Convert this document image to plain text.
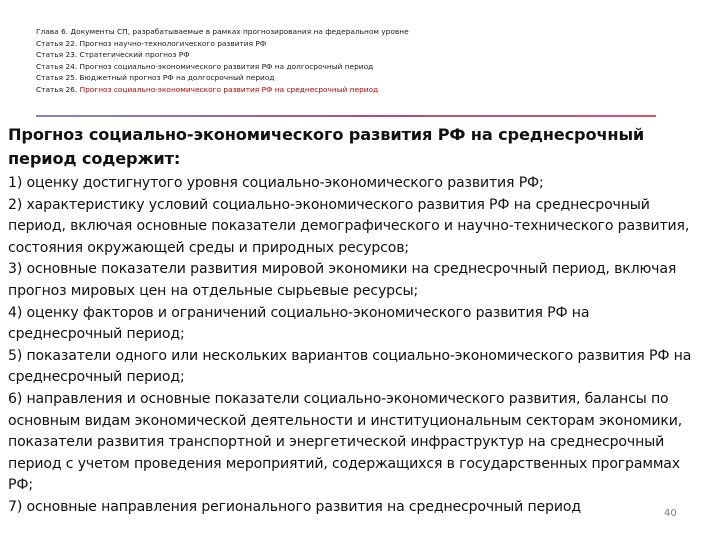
Глава 6. Документы СП, разрабатываемые в рамках прогнозирования на федеральном уровне
Статья 22. Прогноз научно-технологического развития РФ
Статья 23. Стратегический прогноз РФ
Статья 24. Прогноз социально-экономического развития РФ на долгосрочный период
Статья 25. Бюджетный прогноз РФ на долгосрочный период
Статья 26. Прогноз социально-экономического развития РФ на среднесрочный период
Прогноз социально-экономического развития РФ на среднесрочный период содержит:
1) оценку достигнутого уровня социально-экономического развития РФ;
2) характеристику условий социально-экономического развития РФ на среднесрочный период, включая основные показатели демографического и научно-технического развития, состояния окружающей среды и природных ресурсов;
3) основные показатели развития мировой экономики на среднесрочный период, включая прогноз мировых цен на отдельные сырьевые ресурсы;
4) оценку факторов и ограничений социально-экономического развития РФ на среднесрочный период;
5) показатели одного или нескольких вариантов социально-экономического развития РФ на среднесрочный период;
6) направления и основные показатели социально-экономического развития, балансы по основным видам экономической деятельности и институциональным секторам экономики, показатели развития транспортной и энергетической инфраструктур на среднесрочный период с учетом проведения мероприятий, содержащихся в государственных программах РФ;
7) основные направления регионального развития на среднесрочный период	40
